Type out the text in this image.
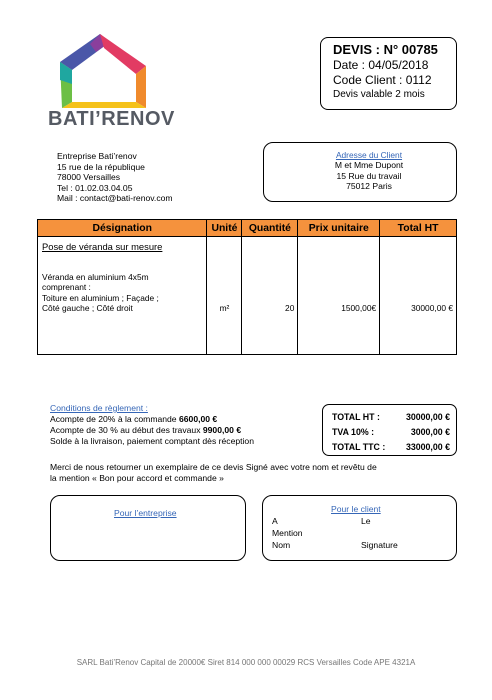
BATI’RENOV
DEVIS : N° 00785
Date : 04/05/2018
Code Client : 0112
Devis valable 2 mois
Entreprise Bati’renov
15 rue de la république
78000 Versailles
Tel : 01.02.03.04.05
Mail : contact@bati-renov.com
Adresse du Client
M et Mme Dupont
15 Rue du travail
75012 Paris
Désignation	Unité	Quantité	Prix unitaire	Total HT

Pose de véranda sur mesure
Véranda en aluminium 4x5m
comprenant :
Toiture en aluminium ; Façade ;
Côté gauche ; Côté droit	m²	20	1500,00€	30000,00 €
Conditions de règlement :
Acompte de 20% à la commande 6600,00 €
Acompte de 30 % au début des travaux 9900,00 €
Solde à la livraison, paiement comptant dès réception
TOTAL HT :	30000,00 €
TVA 10% :	3000,00 €
TOTAL TTC : 33000,00 €
Merci de nous retourner un exemplaire de ce devis Signé avec votre nom et revêtu de
la mention « Bon pour accord et commande »
Pour l’entreprise	Pour le client
A	Le
Mention
Nom	Signature
SARL Bati’Renov Capital de 20000€ Siret 814 000 000 00029 RCS Versailles Code APE 4321A
